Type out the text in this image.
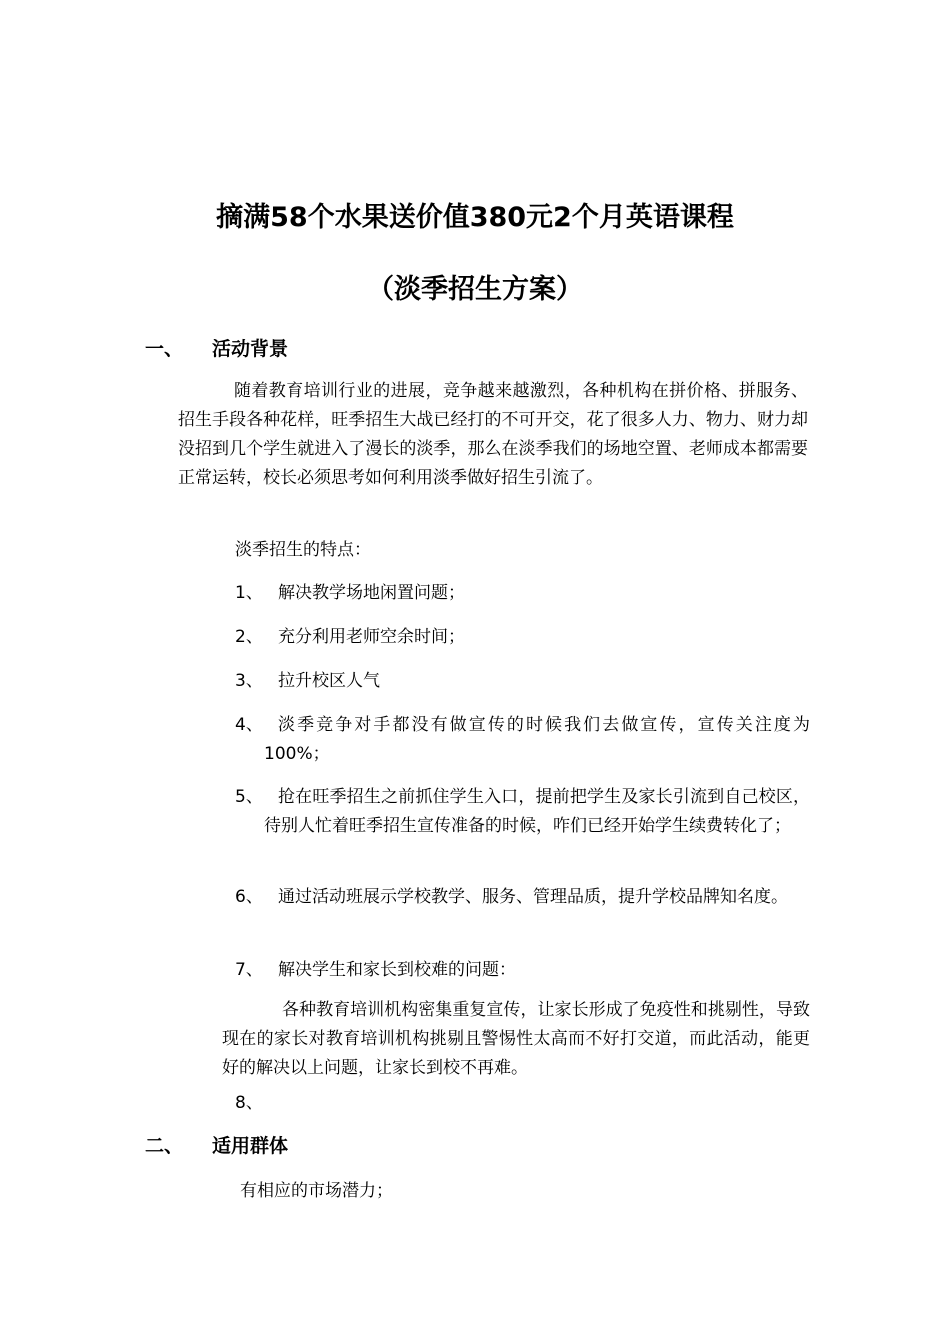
摘满58个水果送价值380元2个月英语课程
（淡季招生方案）
一、 活动背景

随着教育培训行业的进展，竞争越来越激烈，各种机构在拼价格、拼服务、招生手段各种花样，旺季招生大战已经打的不可开交，花了很多人力、物力、财力却没招到几个学生就进入了漫长的淡季，那么在淡季我们的场地空置、老师成本都需要正常运转，校长必须思考如何利用淡季做好招生引流了。

淡季招生的特点：
1、 解决教学场地闲置问题；
2、 充分利用老师空余时间；
3、 拉升校区人气
4、 淡季竞争对手都没有做宣传的时候我们去做宣传，宣传关注度为100%；
5、 抢在旺季招生之前抓住学生入口，提前把学生及家长引流到自己校区，待别人忙着旺季招生宣传准备的时候，咋们已经开始学生续费转化了；
6、 通过活动班展示学校教学、服务、管理品质，提升学校品牌知名度。
7、 解决学生和家长到校难的问题：

各种教育培训机构密集重复宣传，让家长形成了免疫性和挑剔性，导致现在的家长对教育培训机构挑剔且警惕性太高而不好打交道，而此活动，能更好的解决以上问题，让家长到校不再难。

8、
二、 适用群体
有相应的市场潜力；
